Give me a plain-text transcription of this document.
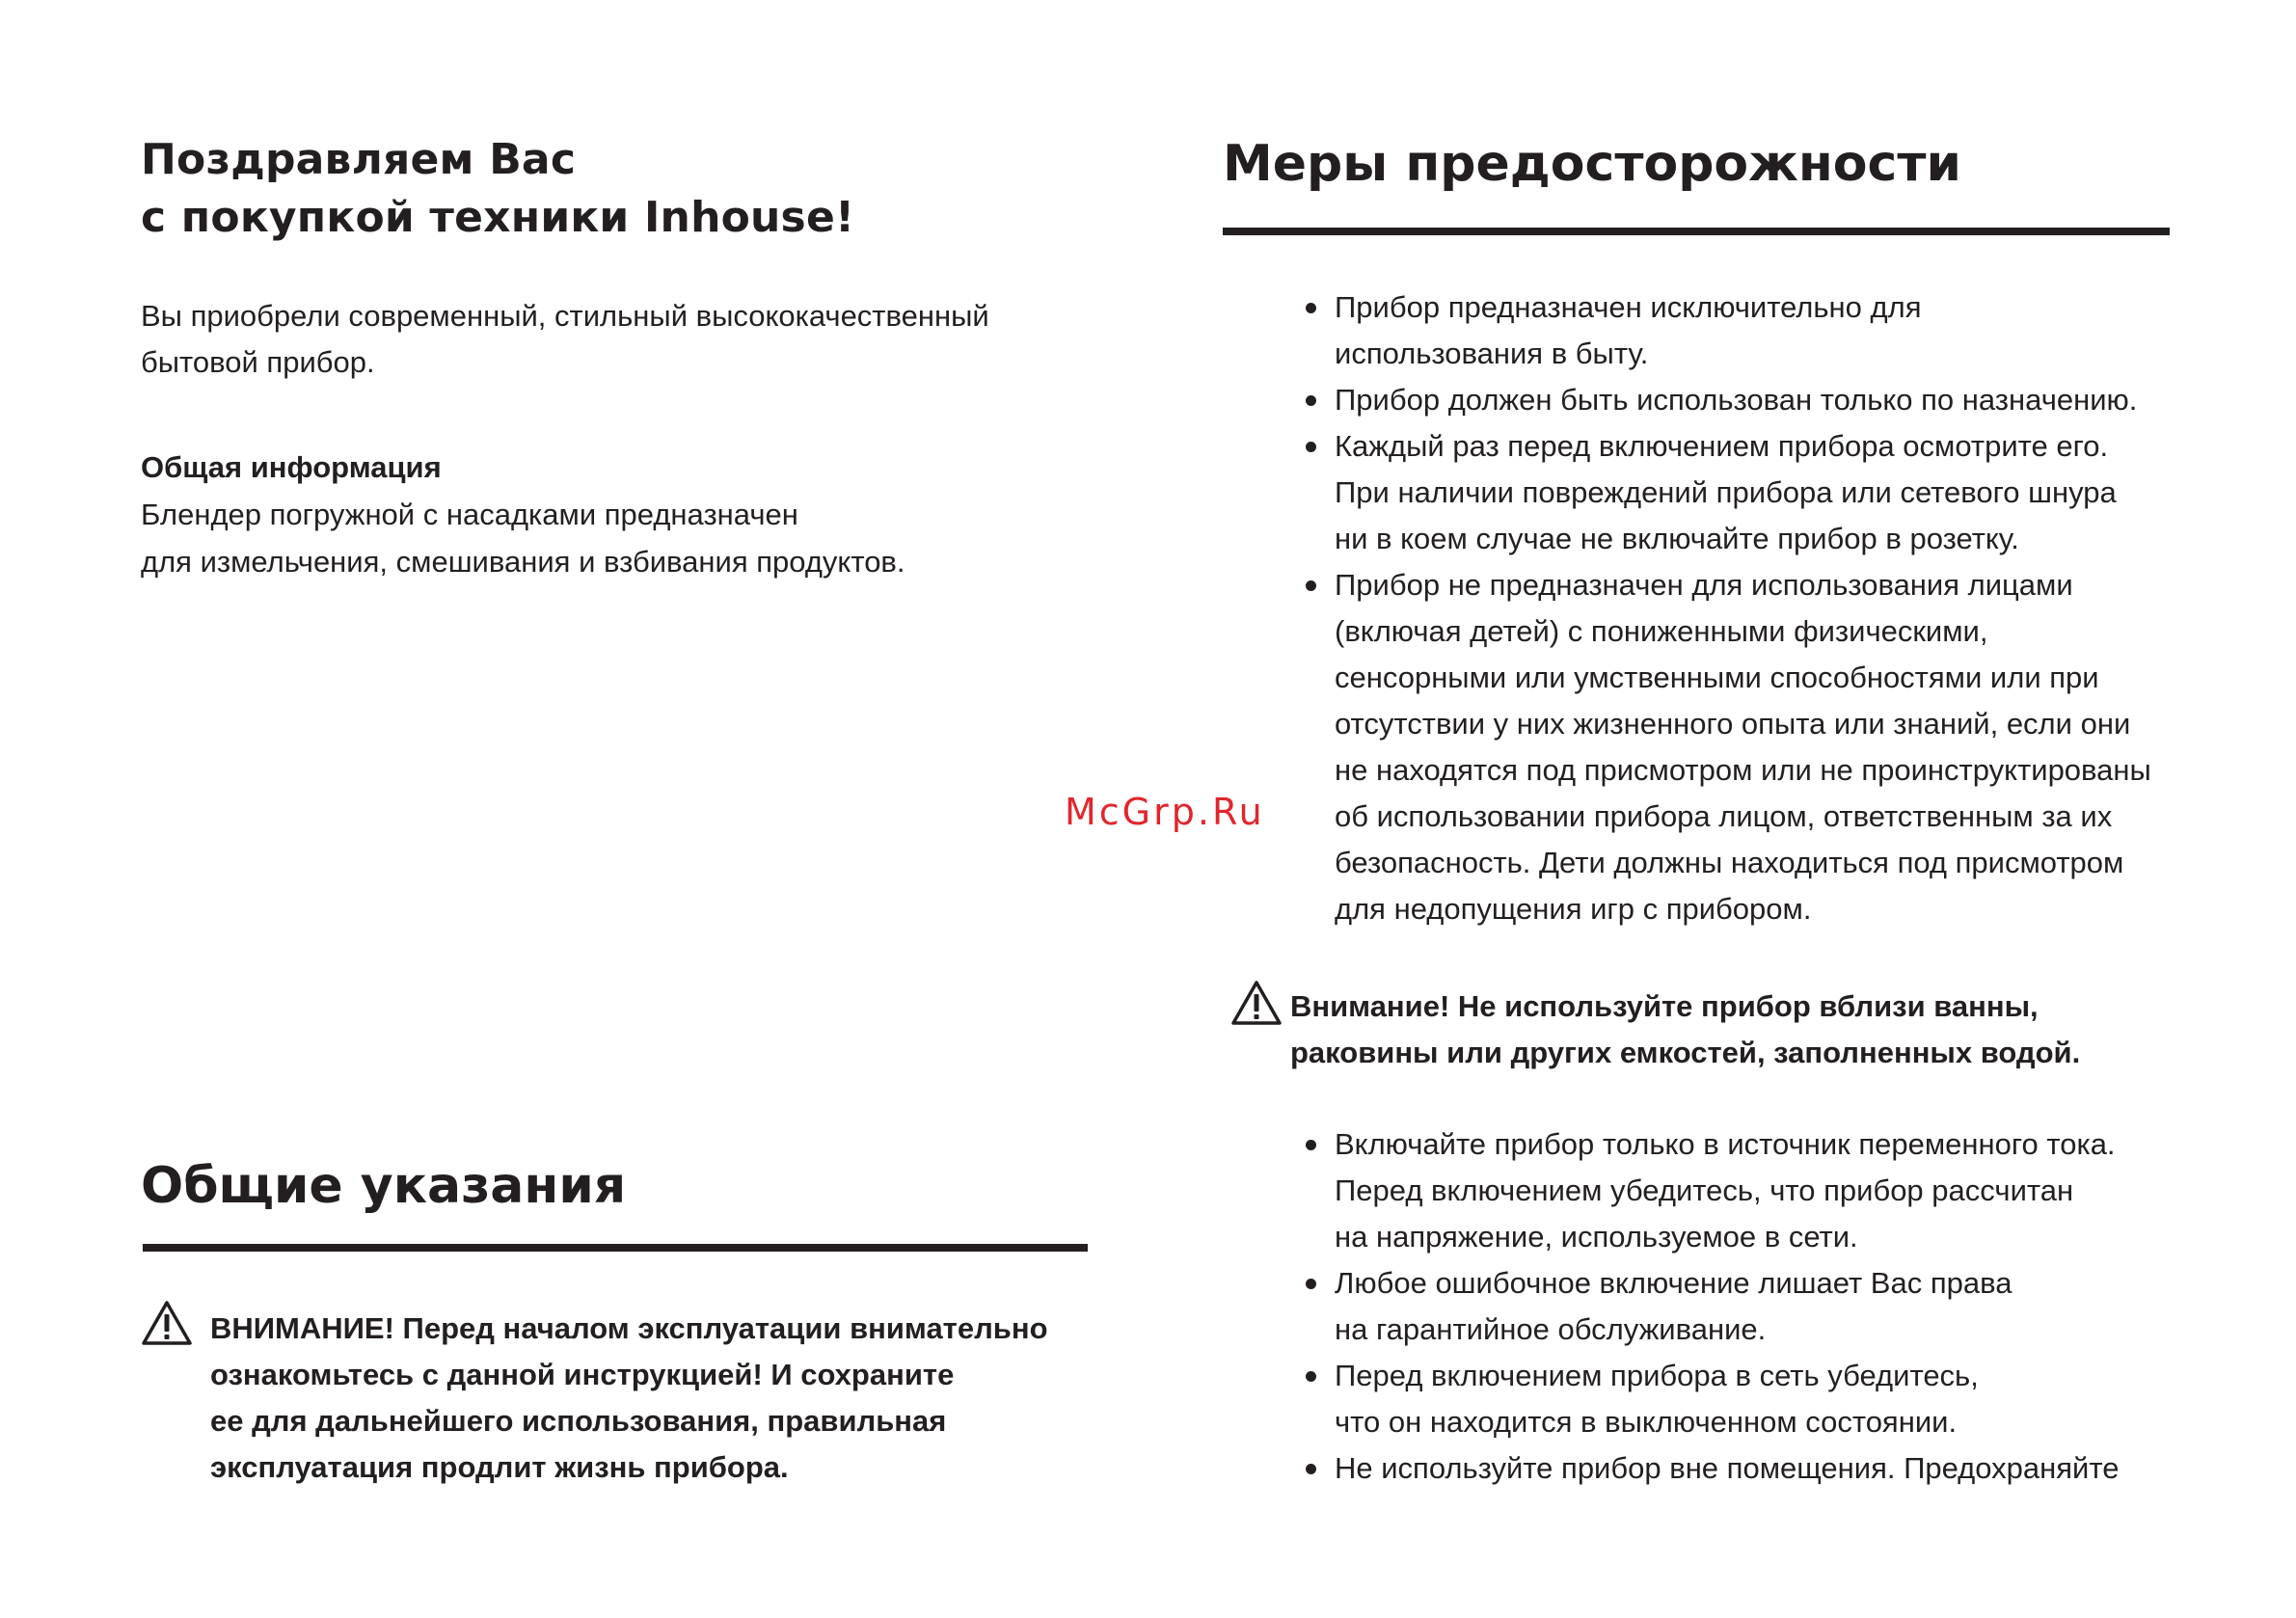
Поздравляем Вас
с покупкой техники Inhouse!
Вы приобрели современный, стильный высококачественный
бытовой прибор.
Общая информация
Блендер погружной с насадками предназначен
для измельчения, смешивания и взбивания продуктов.
Общие указания
ВНИМАНИЕ! Перед началом эксплуатации внимательно
ознакомьтесь с данной инструкцией! И сохраните
ее для дальнейшего использования, правильная
эксплуатация продлит жизнь прибора.
McGrp.Ru
Меры предосторожности
Прибор предназначен исключительно для
использования в быту.
Прибор должен быть использован только по назначению.
Каждый раз перед включением прибора осмотрите его.
При наличии повреждений прибора или сетевого шнура
ни в коем случае не включайте прибор в розетку.
Прибор не предназначен для использования лицами
(включая детей) с пониженными физическими,
сенсорными или умственными способностями или при
отсутствии у них жизненного опыта или знаний, если они
не находятся под присмотром или не проинструктированы
об использовании прибора лицом, ответственным за их
безопасность. Дети должны находиться под присмотром
для недопущения игр с прибором.
Внимание! Не используйте прибор вблизи ванны,
раковины или других емкостей, заполненных водой.
Включайте прибор только в источник переменного тока.
Перед включением убедитесь, что прибор рассчитан
на напряжение, используемое в сети.
Любое ошибочное включение лишает Вас права
на гарантийное обслуживание.
Перед включением прибора в сеть убедитесь,
что он находится в выключенном состоянии.
Не используйте прибор вне помещения. Предохраняйте
